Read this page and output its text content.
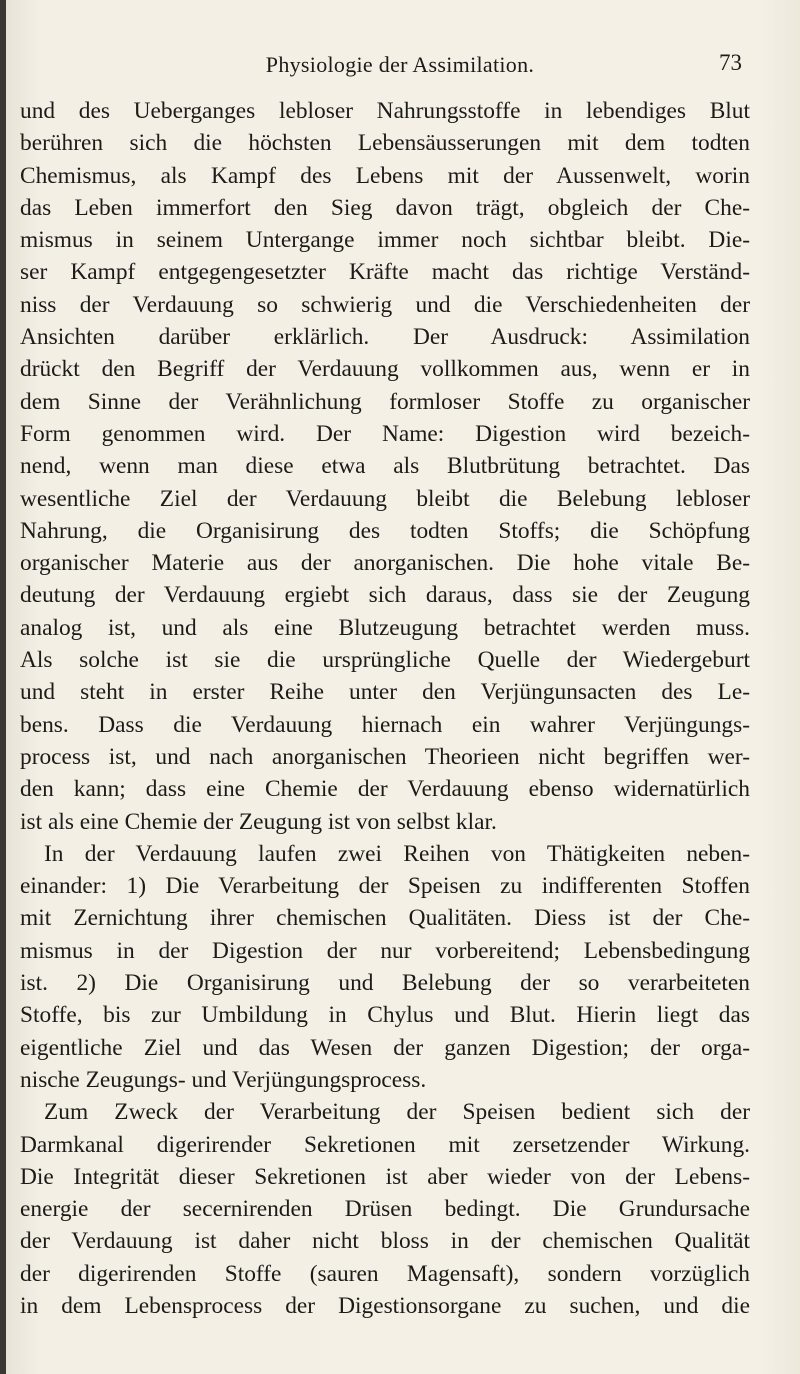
Physiologie der Assimilation.	73
und des Ueberganges lebloser Nahrungsstoffe in lebendiges Blut
berühren sich die höchsten Lebensäusserungen mit dem todten
Chemismus, als Kampf des Lebens mit der Aussenwelt, worin
das Leben immerfort den Sieg davon trägt, obgleich der Che-
mismus in seinem Untergange immer noch sichtbar bleibt. Die-
ser Kampf entgegengesetzter Kräfte macht das richtige Verständ-
niss der Verdauung so schwierig und die Verschiedenheiten der
Ansichten darüber erklärlich. Der Ausdruck: Assimilation
drückt den Begriff der Verdauung vollkommen aus, wenn er in
dem Sinne der Verähnlichung formloser Stoffe zu organischer
Form genommen wird. Der Name: Digestion wird bezeich-
nend, wenn man diese etwa als Blutbrütung betrachtet. Das
wesentliche Ziel der Verdauung bleibt die Belebung lebloser
Nahrung, die Organisirung des todten Stoffs; die Schöpfung
organischer Materie aus der anorganischen. Die hohe vitale Be-
deutung der Verdauung ergiebt sich daraus, dass sie der Zeugung
analog ist, und als eine Blutzeugung betrachtet werden muss.
Als solche ist sie die ursprüngliche Quelle der Wiedergeburt
und steht in erster Reihe unter den Verjüngunsacten des Le-
bens. Dass die Verdauung hiernach ein wahrer Verjüngungs-
process ist, und nach anorganischen Theorieen nicht begriffen wer-
den kann; dass eine Chemie der Verdauung ebenso widernatürlich
ist als eine Chemie der Zeugung ist von selbst klar.
In der Verdauung laufen zwei Reihen von Thätigkeiten neben-
einander: 1) Die Verarbeitung der Speisen zu indifferenten Stoffen
mit Zernichtung ihrer chemischen Qualitäten. Diess ist der Che-
mismus in der Digestion der nur vorbereitend; Lebensbedingung
ist. 2) Die Organisirung und Belebung der so verarbeiteten
Stoffe, bis zur Umbildung in Chylus und Blut. Hierin liegt das
eigentliche Ziel und das Wesen der ganzen Digestion; der orga-
nische Zeugungs- und Verjüngungsprocess.
Zum Zweck der Verarbeitung der Speisen bedient sich der
Darmkanal digerirender Sekretionen mit zersetzender Wirkung.
Die Integrität dieser Sekretionen ist aber wieder von der Lebens-
energie der secernirenden Drüsen bedingt. Die Grundursache
der Verdauung ist daher nicht bloss in der chemischen Qualität
der digerirenden Stoffe (sauren Magensaft), sondern vorzüglich
in dem Lebensprocess der Digestionsorgane zu suchen, und die
